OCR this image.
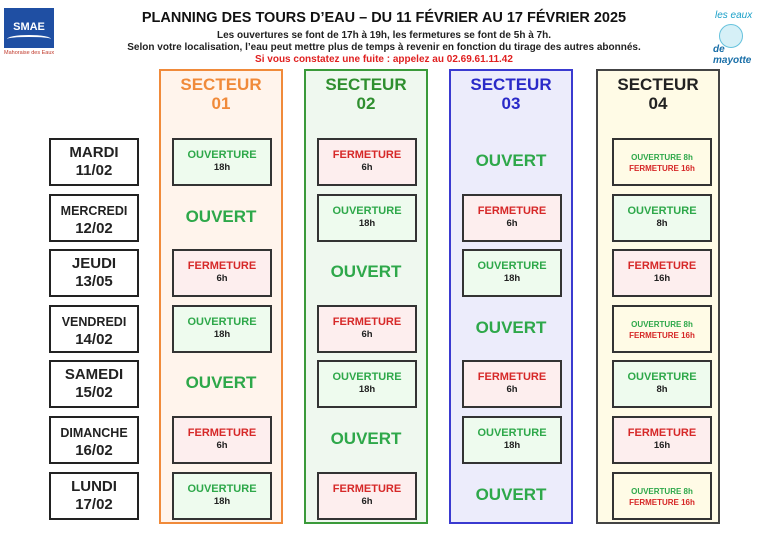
SMAE
Mahoraise des Eaux
PLANNING DES TOURS D’EAU – DU 11 FÉVRIER AU 17 FÉVRIER 2025
Les ouvertures se font de 17h à 19h, les fermetures se font de 5h à 7h.
Selon votre localisation, l’eau peut mettre plus de temps à revenir en fonction du tirage des autres abonnés.
Si vous constatez une fuite : appelez au 02.69.61.11.42
les eaux
de mayotte
MARDI
11/02
MERCREDI
12/02
JEUDI
13/05
VENDREDI
14/02
SAMEDI
15/02
DIMANCHE
16/02
LUNDI
17/02
SECTEUR
01
OUVERTURE
18h
OUVERT
FERMETURE
6h
OUVERTURE
18h
OUVERT
FERMETURE
6h
OUVERTURE
18h
SECTEUR
02
FERMETURE
6h
OUVERTURE
18h
OUVERT
FERMETURE
6h
OUVERTURE
18h
OUVERT
FERMETURE
6h
SECTEUR
03
OUVERT
FERMETURE
6h
OUVERTURE
18h
OUVERT
FERMETURE
6h
OUVERTURE
18h
OUVERT
SECTEUR
04
OUVERTURE 8h
FERMETURE 16h
OUVERTURE
8h
FERMETURE
16h
OUVERTURE 8h
FERMETURE 16h
OUVERTURE
8h
FERMETURE
16h
OUVERTURE 8h
FERMETURE 16h
